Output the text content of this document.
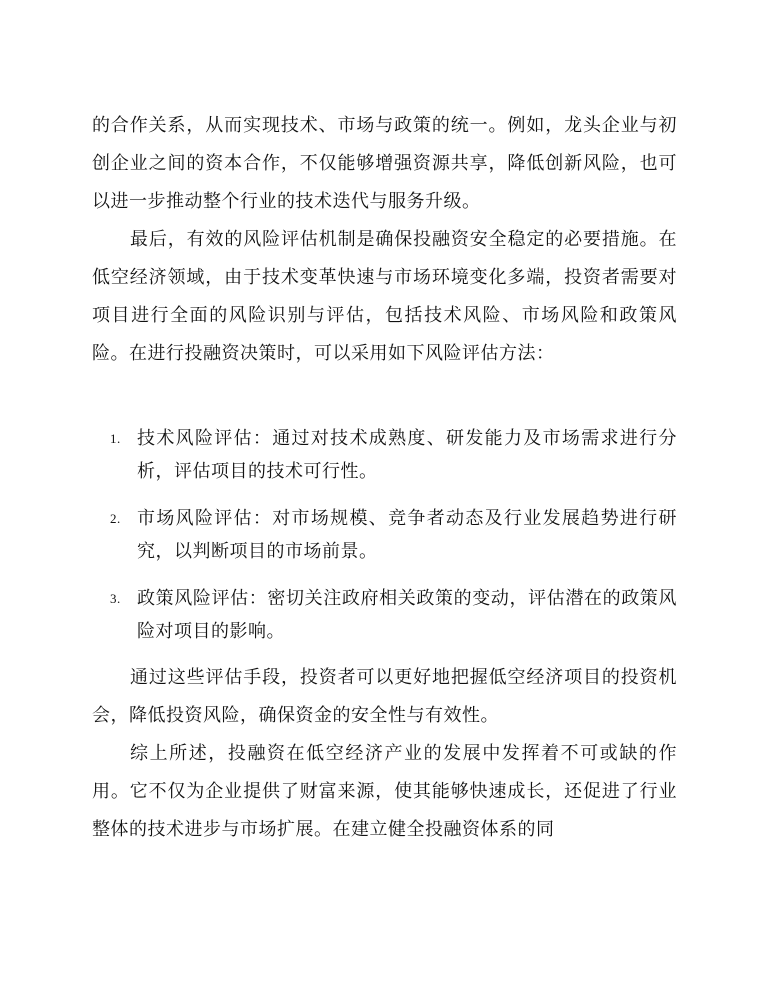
的合作关系，从而实现技术、市场与政策的统一。例如，龙头企业与初创企业之间的资本合作，不仅能够增强资源共享，降低创新风险，也可以进一步推动整个行业的技术迭代与服务升级。

最后，有效的风险评估机制是确保投融资安全稳定的必要措施。在低空经济领域，由于技术变革快速与市场环境变化多端，投资者需要对项目进行全面的风险识别与评估，包括技术风险、市场风险和政策风险。在进行投融资决策时，可以采用如下风险评估方法：

1. 技术风险评估：通过对技术成熟度、研发能力及市场需求进行分析，评估项目的技术可行性。
2. 市场风险评估：对市场规模、竞争者动态及行业发展趋势进行研究，以判断项目的市场前景。
3. 政策风险评估：密切关注政府相关政策的变动，评估潜在的政策风险对项目的影响。

通过这些评估手段，投资者可以更好地把握低空经济项目的投资机会，降低投资风险，确保资金的安全性与有效性。

综上所述，投融资在低空经济产业的发展中发挥着不可或缺的作用。它不仅为企业提供了财富来源，使其能够快速成长，还促进了行业整体的技术进步与市场扩展。在建立健全投融资体系的同
